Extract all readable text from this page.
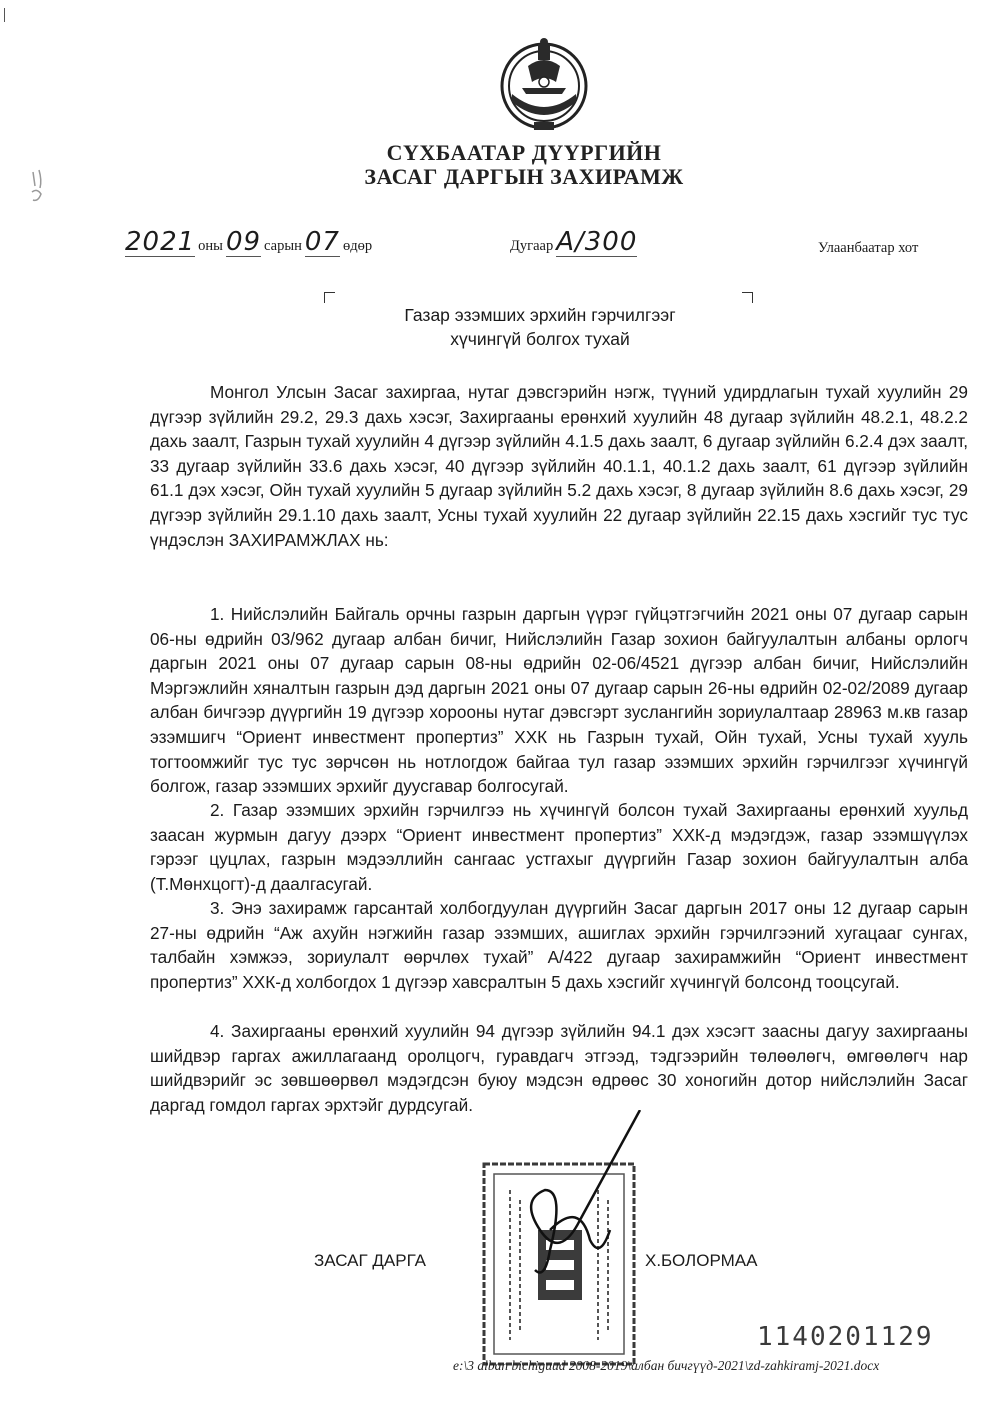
СҮХБААТАР ДҮҮРГИЙН
ЗАСАГ ДАРГЫН ЗАХИРАМЖ
2021 оны 09 сарын 07 өдөр	Дугаар А/300	Улаанбаатар хот
Газар эзэмших эрхийн гэрчилгээг
хүчингүй болгох тухай
Монгол Улсын Засаг захиргаа, нутаг дэвсгэрийн нэгж, түүний удирдлагын тухай хуулийн 29 дүгээр зүйлийн 29.2, 29.3 дахь хэсэг, Захиргааны ерөнхий хуулийн 48 дугаар зүйлийн 48.2.1, 48.2.2 дахь заалт, Газрын тухай хуулийн 4 дүгээр зүйлийн 4.1.5 дахь заалт, 6 дугаар зүйлийн 6.2.4 дэх заалт, 33 дугаар зүйлийн 33.6 дахь хэсэг, 40 дүгээр зүйлийн 40.1.1, 40.1.2 дахь заалт, 61 дүгээр зүйлийн 61.1 дэх хэсэг, Ойн тухай хуулийн 5 дугаар зүйлийн 5.2 дахь хэсэг, 8 дугаар зүйлийн 8.6 дахь хэсэг, 29 дүгээр зүйлийн 29.1.10 дахь заалт, Усны тухай хуулийн 22 дугаар зүйлийн 22.15 дахь хэсгийг тус тус үндэслэн ЗАХИРАМЖЛАХ нь:
1. Нийслэлийн Байгаль орчны газрын даргын үүрэг гүйцэтгэгчийн 2021 оны 07 дугаар сарын 06-ны өдрийн 03/962 дугаар албан бичиг, Нийслэлийн Газар зохион байгуулалтын албаны орлогч даргын 2021 оны 07 дугаар сарын 08-ны өдрийн 02-06/4521 дүгээр албан бичиг, Нийслэлийн Мэргэжлийн хяналтын газрын дэд даргын 2021 оны 07 дугаар сарын 26-ны өдрийн 02-02/2089 дугаар албан бичгээр дүүргийн 19 дүгээр хорооны нутаг дэвсгэрт зуслангийн зориулалтаар 28963 м.кв газар эзэмшигч “Ориент инвестмент пропертиз” ХХК нь Газрын тухай, Ойн тухай, Усны тухай хууль тогтоомжийг тус тус зөрчсөн нь нотлогдож байгаа тул газар эзэмших эрхийн гэрчилгээг хүчингүй болгож, газар эзэмших эрхийг дуусгавар болгосугай.
2. Газар эзэмших эрхийн гэрчилгээ нь хүчингүй болсон тухай Захиргааны ерөнхий хуульд заасан журмын дагуу дээрх “Ориент инвестмент пропертиз” ХХК-д мэдэгдэж, газар эзэмшүүлэх гэрээг цуцлах, газрын мэдээллийн сангаас устгахыг дүүргийн Газар зохион байгуулалтын алба (Т.Мөнхцогт)-д даалгасугай.
3. Энэ захирамж гарсантай холбогдуулан дүүргийн Засаг даргын 2017 оны 12 дугаар сарын 27-ны өдрийн “Аж ахуйн нэгжийн газар эзэмших, ашиглах эрхийн гэрчилгээний хугацааг сунгах, талбайн хэмжээ, зориулалт өөрчлөх тухай” А/422 дугаар захирамжийн “Ориент инвестмент пропертиз” ХХК-д холбогдох 1 дүгээр хавсралтын 5 дахь хэсгийг хүчингүй болсонд тооцсугай.
4. Захиргааны ерөнхий хуулийн 94 дүгээр зүйлийн 94.1 дэх хэсэгт заасны дагуу захиргааны шийдвэр гаргах ажиллагаанд оролцогч, гуравдагч этгээд, тэдгээрийн төлөөлөгч, өмгөөлөгч нар шийдвэрийг эс зөвшөөрвөл мэдэгдсэн буюу мэдсэн өдрөөс 30 хоногийн дотор нийслэлийн Засаг даргад гомдол гаргах эрхтэйг дурдсугай.
ЗАСАГ ДАРГА	Х.БОЛОРМАА
1140201129
e:\3 alban bichiguud 2008-2019\албан бичгүүд-2021\zd-zahkiramj-2021.docx
